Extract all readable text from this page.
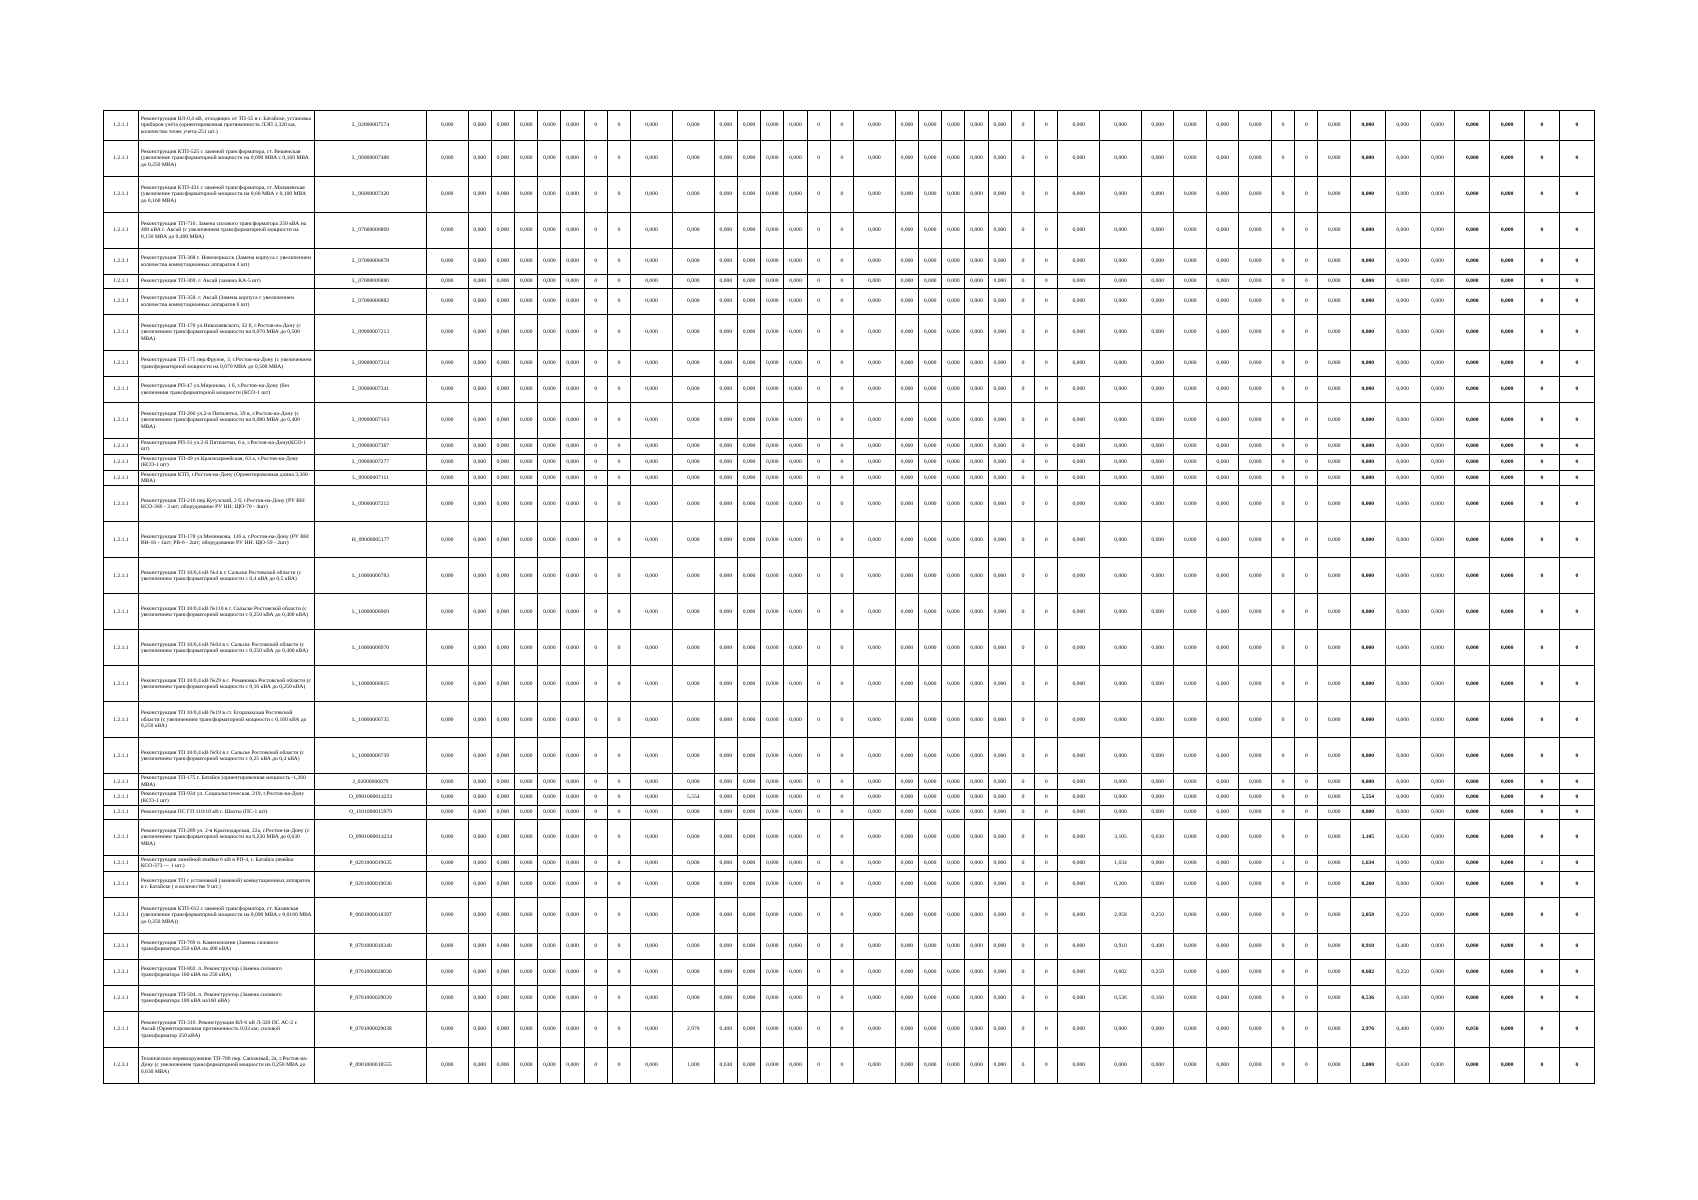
1.2.1.1	Реконструкция ВЛ-0,4 кВ, отходящих от ТП-35 в г. Батайске, установка приборов учёта (ориентировочная протяженность ЛЭП 2,320 км, количество точек учета-251 шт.)	L_02000007574	0,000	0,000	0,000	0,000	0,000	0,000	0	0	0,000	0,000	0,000	0,000	0,000	0,000	0	0	0,000	0,000	0,000	0,000	0,000	0,000	0	0	0,000	0,000	0,000	0,000	0,000	0,000	0	0	0,000	0,000	0,000	0,000	0,000	0,000	0	0
1.2.1.1	Реконструкция КТП-525 с заменой трансформатора, ст. Вешенская (увеличение трансформаторной мощности на 0,090 МВА с 0,160 МВА до 0,250 МВА)	L_06000007488	0,000	0,000	0,000	0,000	0,000	0,000	0	0	0,000	0,000	0,000	0,000	0,000	0,000	0	0	0,000	0,000	0,000	0,000	0,000	0,000	0	0	0,000	0,000	0,000	0,000	0,000	0,000	0	0	0,000	0,000	0,000	0,000	0,000	0,000	0	0
1.2.1.1	Реконструкция КТП-431 с заменой трансформатора, ст. Мальчевская (увеличение трансформаторной мощности на 0,60 МВА с 0,100 МВА до 0,160 МВА)	L_06000007420	0,000	0,000	0,000	0,000	0,000	0,000	0	0	0,000	0,000	0,000	0,000	0,000	0,000	0	0	0,000	0,000	0,000	0,000	0,000	0,000	0	0	0,000	0,000	0,000	0,000	0,000	0,000	0	0	0,000	0,000	0,000	0,000	0,000	0,000	0	0
1.2.1.1	Реконструкция ТП-716. Замена силового трансформатора 250 кВА на 400 кВА г. Аксай (с увеличением трансформаторной мощности на 0,150 МВА до 0,400 МВА)	L_07000006869	0,000	0,000	0,000	0,000	0,000	0,000	0	0	0,000	0,000	0,000	0,000	0,000	0,000	0	0	0,000	0,000	0,000	0,000	0,000	0,000	0	0	0,000	0,000	0,000	0,000	0,000	0,000	0	0	0,000	0,000	0,000	0,000	0,000	0,000	0	0
1.2.3.1	Реконструкция ТП-368 г. Новочеркасск (Замена корпуса с увеличением количества коммутационных аппаратов 4 шт)	L_07000006878	0,000	0,000	0,000	0,000	0,000	0,000	0	0	0,000	0,000	0,000	0,000	0,000	0,000	0	0	0,000	0,000	0,000	0,000	0,000	0,000	0	0	0,000	0,000	0,000	0,000	0,000	0,000	0	0	0,000	0,000	0,000	0,000	0,000	0,000	0	0
1.2.1.1	Реконструкция ТП-369. г. Аксай (замена КА-5 шт)	L_07000006880	0,000	0,000	0,000	0,000	0,000	0,000	0	0	0,000	0,000	0,000	0,000	0,000	0,000	0	0	0,000	0,000	0,000	0,000	0,000	0,000	0	0	0,000	0,000	0,000	0,000	0,000	0,000	0	0	0,000	0,000	0,000	0,000	0,000	0,000	0	0
1.2.3.1	Реконструкция ТП-358. г. Аксай (Замена корпуса с увеличением количества коммутационных аппаратов 6 шт)	L_07000006882	0,000	0,000	0,000	0,000	0,000	0,000	0	0	0,000	0,000	0,000	0,000	0,000	0,000	0	0	0,000	0,000	0,000	0,000	0,000	0,000	0	0	0,000	0,000	0,000	0,000	0,000	0,000	0	0	0,000	0,000	0,000	0,000	0,000	0,000	0	0
1.2.1.1	Реконструкция ТП-176 ул.Николаевского, 32 б, г.Ростов-на-Дону (с увеличением трансформаторной мощности на 0,070 МВА до 0,500 МВА)	L_09000007213	0,000	0,000	0,000	0,000	0,000	0,000	0	0	0,000	0,000	0,000	0,000	0,000	0,000	0	0	0,000	0,000	0,000	0,000	0,000	0,000	0	0	0,000	0,000	0,000	0,000	0,000	0,000	0	0	0,000	0,000	0,000	0,000	0,000	0,000	0	0
1.2.1.1	Реконструкция ТП-175 пер.Фрунзе, 3, г.Ростов-на-Дону (с увеличением трансформаторной мощности на 0,070 МВА до 0,500 МВА)	L_09000007214	0,000	0,000	0,000	0,000	0,000	0,000	0	0	0,000	0,000	0,000	0,000	0,000	0,000	0	0	0,000	0,000	0,000	0,000	0,000	0,000	0	0	0,000	0,000	0,000	0,000	0,000	0,000	0	0	0,000	0,000	0,000	0,000	0,000	0,000	0	0
1.2.1.1	Реконструкция РП-47 ул.Миронова, 1 б, г.Ростов-на-Дону (без увеличения трансформаторной мощности (КСО-1 шт)	L_09000007341	0,000	0,000	0,000	0,000	0,000	0,000	0	0	0,000	0,000	0,000	0,000	0,000	0,000	0	0	0,000	0,000	0,000	0,000	0,000	0,000	0	0	0,000	0,000	0,000	0,000	0,000	0,000	0	0	0,000	0,000	0,000	0,000	0,000	0,000	0	0
1.2.1.1	Реконструкция ТП-266 ул.2-я Пятилетка, 39 в, г.Ростов-на-Дону (с увеличением трансформаторной мощности на 0,080 МВА до 0,400 МВА)	L_09000007163	0,000	0,000	0,000	0,000	0,000	0,000	0	0	0,000	0,000	0,000	0,000	0,000	0,000	0	0	0,000	0,000	0,000	0,000	0,000	0,000	0	0	0,000	0,000	0,000	0,000	0,000	0,000	0	0	0,000	0,000	0,000	0,000	0,000	0,000	0	0
1.2.1.1	Реконструкция РП-31 ул.2-й Пятилетки, 6 а, г.Ростов-на-Дону(КСО-1 шт)	L_09000007387	0,000	0,000	0,000	0,000	0,000	0,000	0	0	0,000	0,000	0,000	0,000	0,000	0,000	0	0	0,000	0,000	0,000	0,000	0,000	0,000	0	0	0,000	0,000	0,000	0,000	0,000	0,000	0	0	0,000	0,000	0,000	0,000	0,000	0,000	0	0
1.2.1.1	Реконструкция ТП-49 ул.Красноармейская, 63 а, г.Ростов-на-Дону (КСО-1 шт)	L_09000007277	0,000	0,000	0,000	0,000	0,000	0,000	0	0	0,000	0,000	0,000	0,000	0,000	0,000	0	0	0,000	0,000	0,000	0,000	0,000	0,000	0	0	0,000	0,000	0,000	0,000	0,000	0,000	0	0	0,000	0,000	0,000	0,000	0,000	0,000	0	0
1.2.1.1	Реконструкция КТП, г.Ростов-на-Дону (Ориентировочная длина 3,360 МВА)	L_09000007111	0,000	0,000	0,000	0,000	0,000	0,000	0	0	0,000	0,000	0,000	0,000	0,000	0,000	0	0	0,000	0,000	0,000	0,000	0,000	0,000	0	0	0,000	0,000	0,000	0,000	0,000	0,000	0	0	0,000	0,000	0,000	0,000	0,000	0,000	0	0
1.2.1.1	Реконструкция ТП-216 пер.Кутузский, 2 б, г.Ростов-на-Дону (РУ ВН: КСО-366 - 3 шт; оборудование РУ НН: ЩО-70 - 4шт)	L_09000007212	0,000	0,000	0,000	0,000	0,000	0,000	0	0	0,000	0,000	0,000	0,000	0,000	0,000	0	0	0,000	0,000	0,000	0,000	0,000	0,000	0	0	0,000	0,000	0,000	0,000	0,000	0,000	0	0	0,000	0,000	0,000	0,000	0,000	0,000	0	0
1.2.1.1	Реконструкция ТП-178 ул.Мечникова, 136 а, г.Ростов-на-Дону (РУ ВН: ВН-16 - 1шт; РВ-6 - 2шт; оборудование РУ НН: ЩО-59 - 2шт)	H_09000005177	0,000	0,000	0,000	0,000	0,000	0,000	0	0	0,000	0,000	0,000	0,000	0,000	0,000	0	0	0,000	0,000	0,000	0,000	0,000	0,000	0	0	0,000	0,000	0,000	0,000	0,000	0,000	0	0	0,000	0,000	0,000	0,000	0,000	0,000	0	0
1.2.1.1	Реконструкция ТП 10/0,4 кВ №4 в г. Сальске Ростовской области (с увеличением трансформаторной мощности с 0,4 кВА до 0,5 кВА)	L_10000006783	0,000	0,000	0,000	0,000	0,000	0,000	0	0	0,000	0,000	0,000	0,000	0,000	0,000	0	0	0,000	0,000	0,000	0,000	0,000	0,000	0	0	0,000	0,000	0,000	0,000	0,000	0,000	0	0	0,000	0,000	0,000	0,000	0,000	0,000	0	0
1.2.1.1	Реконструкция ТП 10/0,4 кВ №110 в г. Сальске Ростовской области (с увеличением трансформаторной мощности с 0,250 кВА до 0,400 кВА)	L_10000006969	0,000	0,000	0,000	0,000	0,000	0,000	0	0	0,000	0,000	0,000	0,000	0,000	0,000	0	0	0,000	0,000	0,000	0,000	0,000	0,000	0	0	0,000	0,000	0,000	0,000	0,000	0,000	0	0	0,000	0,000	0,000	0,000	0,000	0,000	0	0
1.2.1.1	Реконструкция ТП 10/0,4 кВ №64 в г. Сальске Ростовской области (с увеличением трансформаторной мощности с 0,250 кВА до 0,400 кВА)	L_10000006970	0,000	0,000	0,000	0,000	0,000	0,000	0	0	0,000	0,000	0,000	0,000	0,000	0,000	0	0	0,000	0,000	0,000	0,000	0,000	0,000	0	0	0,000	0,000	0,000	0,000	0,000	0,000	0	0	0,000	0,000	0,000	0,000	0,000	0,000	0	0
1.2.1.1	Реконструкция ТП 10/0,4 кВ №29 в с. Романовка Ростовской области (с увеличением трансформаторной мощности с 0,16 кВА до 0,250 кВА)	L_10000006815	0,000	0,000	0,000	0,000	0,000	0,000	0	0	0,000	0,000	0,000	0,000	0,000	0,000	0	0	0,000	0,000	0,000	0,000	0,000	0,000	0	0	0,000	0,000	0,000	0,000	0,000	0,000	0	0	0,000	0,000	0,000	0,000	0,000	0,000	0	0
1.2.1.1	Реконструкция ТП 10/0,4 кВ №19 в ст. Егорлыкская Ростовской области (с увеличением трансформаторной мощности с 0,160 кВА до 0,250 кВА)	L_10000006735	0,000	0,000	0,000	0,000	0,000	0,000	0	0	0,000	0,000	0,000	0,000	0,000	0,000	0	0	0,000	0,000	0,000	0,000	0,000	0,000	0	0	0,000	0,000	0,000	0,000	0,000	0,000	0	0	0,000	0,000	0,000	0,000	0,000	0,000	0	0
1.2.1.1	Реконструкция ТП 10/0,4 кВ №93 в г. Сальске Ростовской области (с увеличением трансформаторной мощности с 0,25 кВА до 0,4 кВА)	L_10000006739	0,000	0,000	0,000	0,000	0,000	0,000	0	0	0,000	0,000	0,000	0,000	0,000	0,000	0	0	0,000	0,000	0,000	0,000	0,000	0,000	0	0	0,000	0,000	0,000	0,000	0,000	0,000	0	0	0,000	0,000	0,000	0,000	0,000	0,000	0	0
1.2.1.1	Реконструкция ТП-175 г. Батайск (ориентировочная мощность -1,260 МВА)	J_02000006079	0,000	0,000	0,000	0,000	0,000	0,000	0	0	0,000	0,000	0,000	0,000	0,000	0,000	0	0	0,000	0,000	0,000	0,000	0,000	0,000	0	0	0,000	0,000	0,000	0,000	0,000	0,000	0	0	0,000	0,000	0,000	0,000	0,000	0,000	0	0
1.2.1.1	Реконструкция ТП-934 ул. Социалистическая, 219, г.Ростов-на-Дону (КСО-1 шт)	O_0901000014233	0,000	0,000	0,000	0,000	0,000	0,000	0	0	0,000	5,554	0,000	0,000	0,000	0,000	0	0	0,000	0,000	0,000	0,000	0,000	0,000	0	0	0,000	0,000	0,000	0,000	0,000	0,000	0	0	0,000	5,554	0,000	0,000	0,000	0,000	0	0
1.2.1.1	Реконструкция ПС ГП 110/10 кВ г. Шахты (ПС-1 шт)	O_1101000015979	0,000	0,000	0,000	0,000	0,000	0,000	0	0	0,000	0,000	0,000	0,000	0,000	0,000	0	0	0,000	0,000	0,000	0,000	0,000	0,000	0	0	0,000	0,000	0,000	0,000	0,000	0,000	0	0	0,000	0,000	0,000	0,000	0,000	0,000	0	0
1.2.1.1	Реконструкция ТП-289 ул. 2-я Краснодарская, 22а, г.Ростов-на-Дону (с увеличением трансформаторной мощности на 0,230 МВА до 0,630 МВА)	O_0901000014234	0,000	0,000	0,000	0,000	0,000	0,000	0	0	0,000	0,000	0,000	0,000	0,000	0,000	0	0	0,000	0,000	0,000	0,000	0,000	0,000	0	0	0,000	3,105	0,630	0,000	0,000	0,000	0	0	0,000	3,105	0,630	0,000	0,000	0,000	0	0
1.2.1.1	Реконструкция линейной ячейки 6 кВ в РП-4, г. Батайск (ячейка КСО-373 — 1 шт.)	P_0201000019035	0,000	0,000	0,000	0,000	0,000	0,000	0	0	0,000	0,000	0,000	0,000	0,000	0,000	0	0	0,000	0,000	0,000	0,000	0,000	0,000	0	0	0,000	1,634	0,000	0,000	0,000	0,000	1	0	0,000	1,634	0,000	0,000	0,000	0,000	1	0
1.2.1.1	Реконструкция ТП с установкой (заменой) коммутационных аппаратов в г. Батайске ( в количестве 9 шт.)	P_0201000019036	0,000	0,000	0,000	0,000	0,000	0,000	0	0	0,000	0,000	0,000	0,000	0,000	0,000	0	0	0,000	0,000	0,000	0,000	0,000	0,000	0	0	0,000	0,260	0,000	0,000	0,000	0,000	0	0	0,000	0,260	0,000	0,000	0,000	0,000	0	0
1.2.3.1	Реконструкция КТП-612 с заменой трансформатора, ст. Казанская (увеличение трансформаторной мощности на 0,090 МВА с 0,0160 МВА до 0,250 МВА))	P_0601000018397	0,000	0,000	0,000	0,000	0,000	0,000	0	0	0,000	0,000	0,000	0,000	0,000	0,000	0	0	0,000	0,000	0,000	0,000	0,000	0,000	0	0	0,000	2,058	0,250	0,000	0,000	0,000	0	0	0,000	2,058	0,250	0,000	0,000	0,000	0	0
1.2.1.1	Реконструкция ТП-769 п. Каменоломни (Замена силового трансформатора 250 кВА на 400 кВА)	P_0701000018340	0,000	0,000	0,000	0,000	0,000	0,000	0	0	0,000	0,000	0,000	0,000	0,000	0,000	0	0	0,000	0,000	0,000	0,000	0,000	0,000	0	0	0,000	0,910	0,400	0,000	0,000	0,000	0	0	0,000	0,910	0,400	0,000	0,000	0,000	0	0
1.2.3.1	Реконструкция ТП-802. п. Реконструктор (Замена силового трансформатора 100 кВА на 250 кВА)	P_0701000028030	0,000	0,000	0,000	0,000	0,000	0,000	0	0	0,000	0,000	0,000	0,000	0,000	0,000	0	0	0,000	0,000	0,000	0,000	0,000	0,000	0	0	0,000	0,602	0,250	0,000	0,000	0,000	0	0	0,000	0,602	0,250	0,000	0,000	0,000	0	0
1.2.1.1	Реконструкция ТП-504. п. Реконструктор (Замена силового трансформатора 100 кВА на160 кВА)	P_0701000029039	0,000	0,000	0,000	0,000	0,000	0,000	0	0	0,000	0,000	0,000	0,000	0,000	0,000	0	0	0,000	0,000	0,000	0,000	0,000	0,000	0	0	0,000	0,536	0,160	0,000	0,000	0,000	0	0	0,000	0,536	0,160	0,000	0,000	0,000	0	0
1.2.1.1	Реконструкция ТП-316. Реконструкция ВЛ-6 кВ Л-320 ПС АС-2 г. Аксай (Ориентировочная протяженность 0,03 км; силовой трансформатор 250 кВА)	P_0701000029038	0,000	0,000	0,000	0,000	0,000	0,000	0	0	0,000	2,976	0,400	0,000	0,000	0,000	0	0	0,000	0,000	0,000	0,000	0,000	0,000	0	0	0,000	0,000	0,000	0,000	0,000	0,000	0	0	0,000	2,976	0,400	0,000	0,050	0,000	0	0
1.2.3.1	Техническое перевооружение ТП-786 пер. Сапожный, 2а, г.Ростов-на-Дону (с увеличением трансформаторной мощности на 0,250 МВА до 0,630 МВА)	P_0901000018555	0,000	0,000	0,000	0,000	0,000	0,000	0	0	0,000	1,000	0,630	0,000	0,000	0,000	0	0	0,000	0,000	0,000	0,000	0,000	0,000	0	0	0,000	0,000	0,000	0,000	0,000	0,000	0	0	0,000	1,000	0,630	0,000	0,000	0,000	0	0
